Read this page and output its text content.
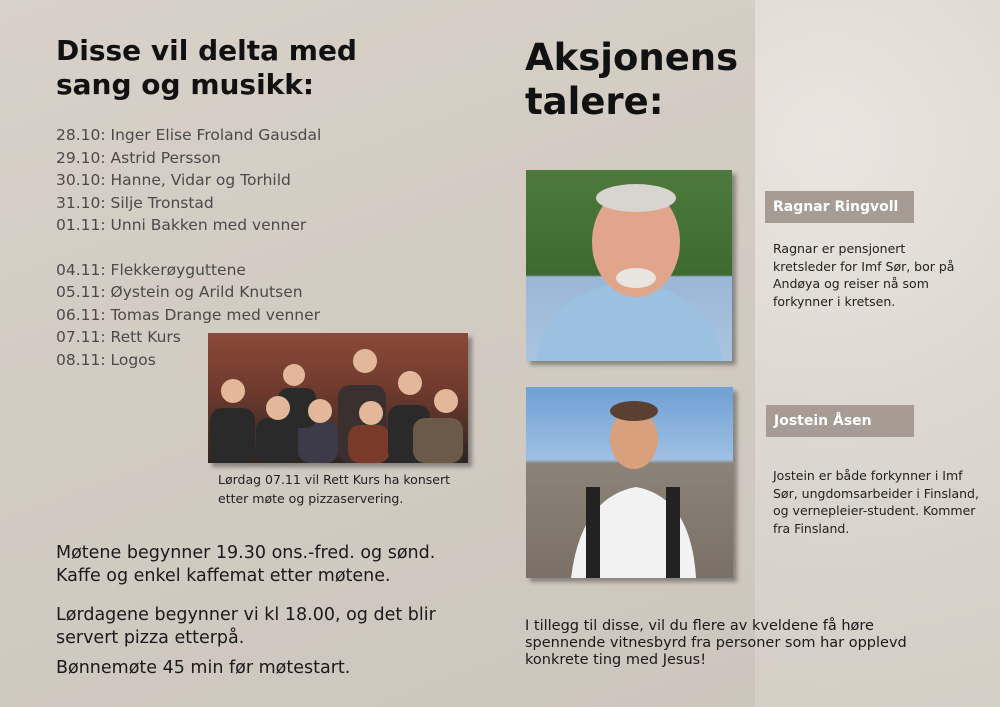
Disse vil delta med sang og musikk:
28.10: Inger Elise Froland Gausdal
29.10: Astrid Persson
30.10: Hanne, Vidar og Torhild
31.10: Silje Tronstad
01.11: Unni Bakken med venner
04.11: Flekkerøyguttene
05.11: Øystein og Arild Knutsen
06.11: Tomas Drange med venner
07.11: Rett Kurs
08.11: Logos
Lørdag 07.11 vil Rett Kurs ha konsert etter møte og pizzaservering.
Møtene begynner 19.30 ons.-fred. og sønd. Kaffe og enkel kaffemat etter møtene.
Lørdagene begynner vi kl 18.00, og det blir servert pizza etterpå.
Bønnemøte 45 min før møtestart.
Aksjonens talere:
Ragnar Ringvoll
Ragnar er pensjonert kretsleder for Imf Sør, bor på Andøya og reiser nå som forkynner i kretsen.
Jostein Åsen
Jostein er både forkynner i Imf Sør, ungdomsarbeider i Finsland, og vernepleier-student. Kommer fra Finsland.
I tillegg til disse, vil du flere av kveldene få høre spennende vitnesbyrd fra personer som har opplevd konkrete ting med Jesus!
